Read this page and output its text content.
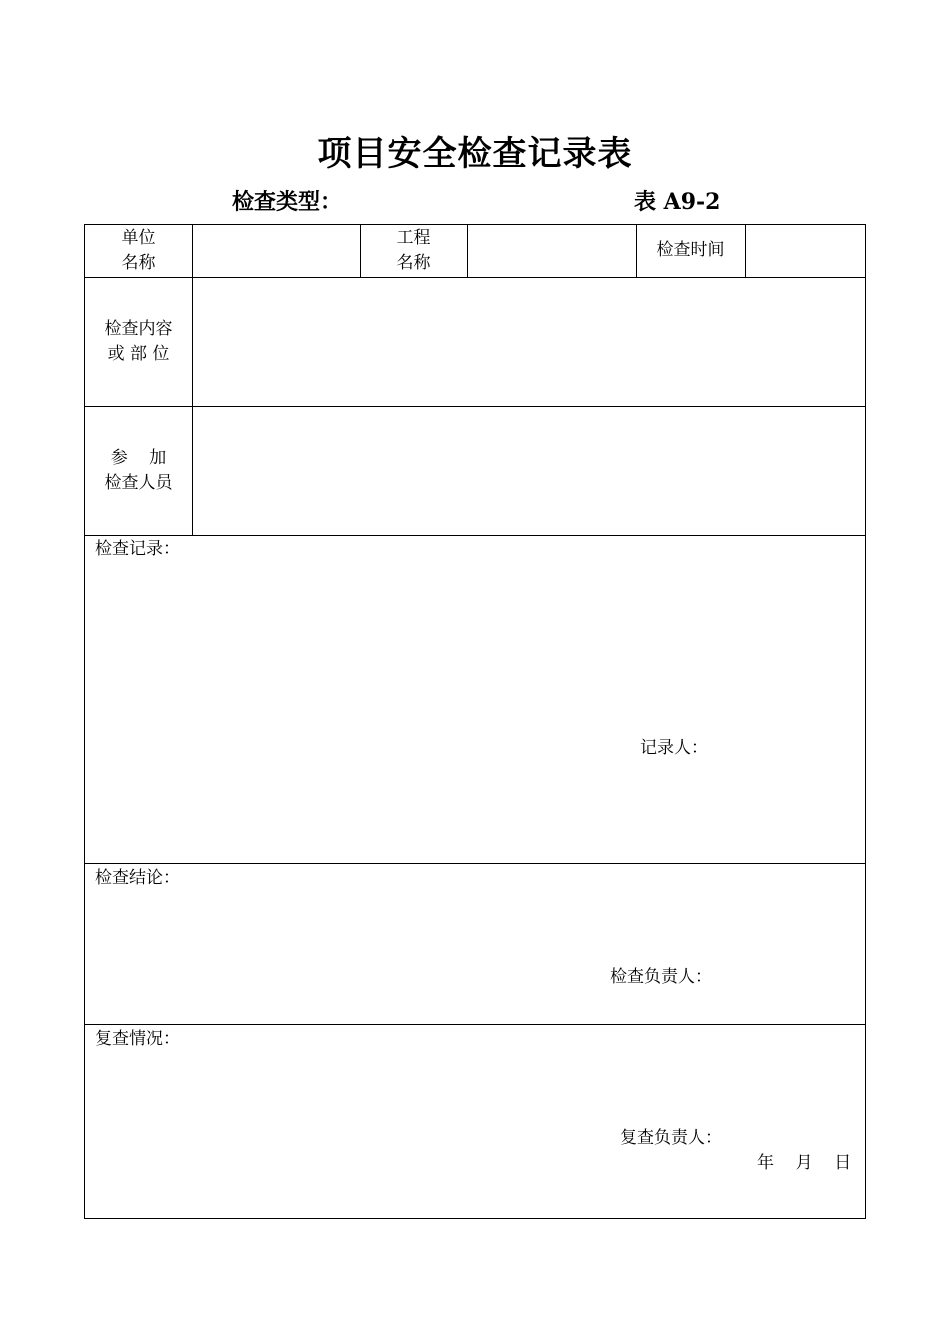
项目安全检查记录表
检查类型：	表 A9-2
单位
名称
工程
名称
检查时间
检查内容
或 部 位
参    加
检查人员
检查记录：
记录人：
检查结论：
检查负责人：
复查情况：
复查负责人：
年    月    日
